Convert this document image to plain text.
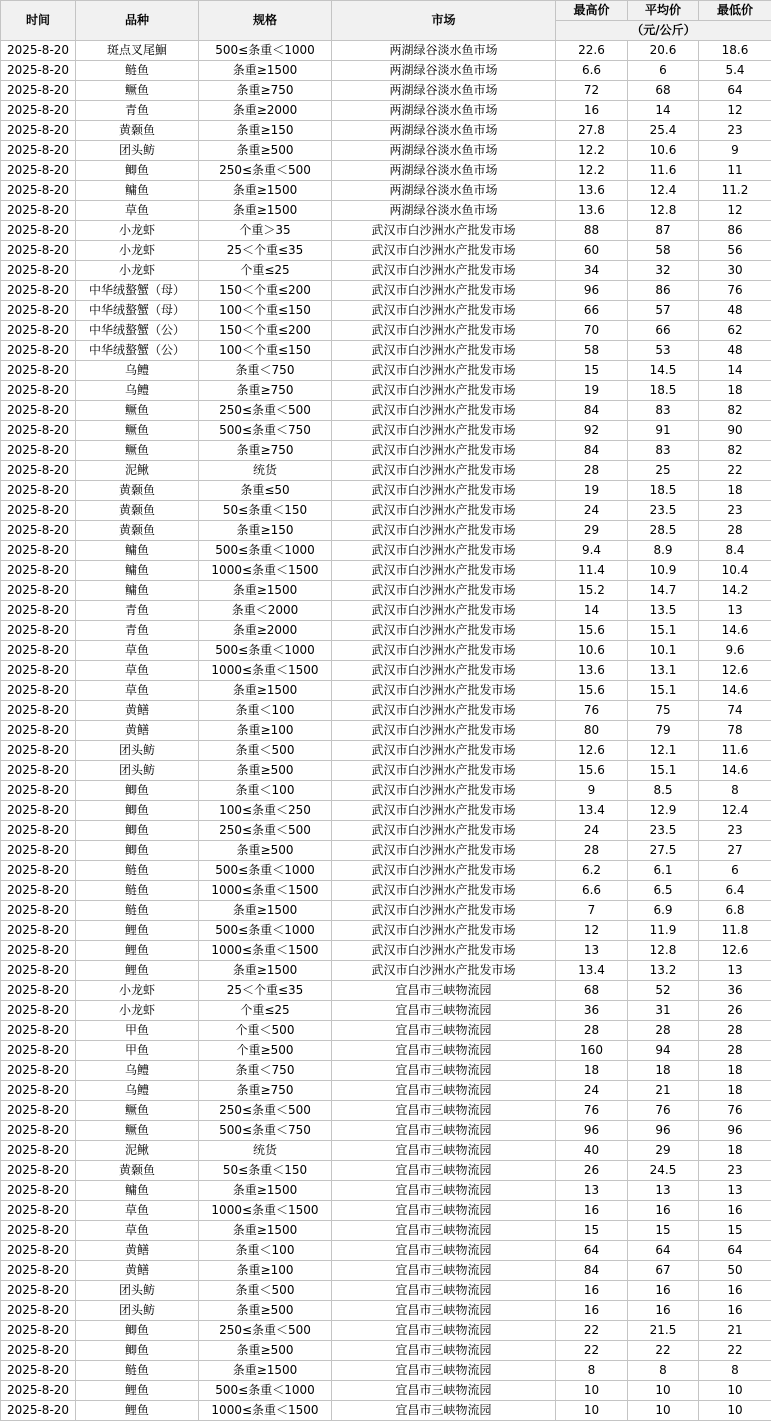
时间	品种	规格	市场	最高价	平均价	最低价
				（元/公斤）		
2025-8-20	斑点叉尾鮰	500≤条重＜1000	两湖绿谷淡水鱼市场	22.6	20.6	18.6
2025-8-20	鲢鱼	条重≥1500	两湖绿谷淡水鱼市场	6.6	6	5.4
2025-8-20	鳜鱼	条重≥750	两湖绿谷淡水鱼市场	72	68	64
2025-8-20	青鱼	条重≥2000	两湖绿谷淡水鱼市场	16	14	12
2025-8-20	黄颡鱼	条重≥150	两湖绿谷淡水鱼市场	27.8	25.4	23
2025-8-20	团头鲂	条重≥500	两湖绿谷淡水鱼市场	12.2	10.6	9
2025-8-20	鲫鱼	250≤条重＜500	两湖绿谷淡水鱼市场	12.2	11.6	11
2025-8-20	鳙鱼	条重≥1500	两湖绿谷淡水鱼市场	13.6	12.4	11.2
2025-8-20	草鱼	条重≥1500	两湖绿谷淡水鱼市场	13.6	12.8	12
2025-8-20	小龙虾	个重＞35	武汉市白沙洲水产批发市场	88	87	86
2025-8-20	小龙虾	25＜个重≤35	武汉市白沙洲水产批发市场	60	58	56
2025-8-20	小龙虾	个重≤25	武汉市白沙洲水产批发市场	34	32	30
2025-8-20	中华绒螯蟹（母）	150＜个重≤200	武汉市白沙洲水产批发市场	96	86	76
2025-8-20	中华绒螯蟹（母）	100＜个重≤150	武汉市白沙洲水产批发市场	66	57	48
2025-8-20	中华绒螯蟹（公）	150＜个重≤200	武汉市白沙洲水产批发市场	70	66	62
2025-8-20	中华绒螯蟹（公）	100＜个重≤150	武汉市白沙洲水产批发市场	58	53	48
2025-8-20	乌鳢	条重＜750	武汉市白沙洲水产批发市场	15	14.5	14
2025-8-20	乌鳢	条重≥750	武汉市白沙洲水产批发市场	19	18.5	18
2025-8-20	鳜鱼	250≤条重＜500	武汉市白沙洲水产批发市场	84	83	82
2025-8-20	鳜鱼	500≤条重＜750	武汉市白沙洲水产批发市场	92	91	90
2025-8-20	鳜鱼	条重≥750	武汉市白沙洲水产批发市场	84	83	82
2025-8-20	泥鳅	统货	武汉市白沙洲水产批发市场	28	25	22
2025-8-20	黄颡鱼	条重≤50	武汉市白沙洲水产批发市场	19	18.5	18
2025-8-20	黄颡鱼	50≤条重＜150	武汉市白沙洲水产批发市场	24	23.5	23
2025-8-20	黄颡鱼	条重≥150	武汉市白沙洲水产批发市场	29	28.5	28
2025-8-20	鳙鱼	500≤条重＜1000	武汉市白沙洲水产批发市场	9.4	8.9	8.4
2025-8-20	鳙鱼	1000≤条重＜1500	武汉市白沙洲水产批发市场	11.4	10.9	10.4
2025-8-20	鳙鱼	条重≥1500	武汉市白沙洲水产批发市场	15.2	14.7	14.2
2025-8-20	青鱼	条重＜2000	武汉市白沙洲水产批发市场	14	13.5	13
2025-8-20	青鱼	条重≥2000	武汉市白沙洲水产批发市场	15.6	15.1	14.6
2025-8-20	草鱼	500≤条重＜1000	武汉市白沙洲水产批发市场	10.6	10.1	9.6
2025-8-20	草鱼	1000≤条重＜1500	武汉市白沙洲水产批发市场	13.6	13.1	12.6
2025-8-20	草鱼	条重≥1500	武汉市白沙洲水产批发市场	15.6	15.1	14.6
2025-8-20	黄鳝	条重＜100	武汉市白沙洲水产批发市场	76	75	74
2025-8-20	黄鳝	条重≥100	武汉市白沙洲水产批发市场	80	79	78
2025-8-20	团头鲂	条重＜500	武汉市白沙洲水产批发市场	12.6	12.1	11.6
2025-8-20	团头鲂	条重≥500	武汉市白沙洲水产批发市场	15.6	15.1	14.6
2025-8-20	鲫鱼	条重＜100	武汉市白沙洲水产批发市场	9	8.5	8
2025-8-20	鲫鱼	100≤条重＜250	武汉市白沙洲水产批发市场	13.4	12.9	12.4
2025-8-20	鲫鱼	250≤条重＜500	武汉市白沙洲水产批发市场	24	23.5	23
2025-8-20	鲫鱼	条重≥500	武汉市白沙洲水产批发市场	28	27.5	27
2025-8-20	鲢鱼	500≤条重＜1000	武汉市白沙洲水产批发市场	6.2	6.1	6
2025-8-20	鲢鱼	1000≤条重＜1500	武汉市白沙洲水产批发市场	6.6	6.5	6.4
2025-8-20	鲢鱼	条重≥1500	武汉市白沙洲水产批发市场	7	6.9	6.8
2025-8-20	鲤鱼	500≤条重＜1000	武汉市白沙洲水产批发市场	12	11.9	11.8
2025-8-20	鲤鱼	1000≤条重＜1500	武汉市白沙洲水产批发市场	13	12.8	12.6
2025-8-20	鲤鱼	条重≥1500	武汉市白沙洲水产批发市场	13.4	13.2	13
2025-8-20	小龙虾	25＜个重≤35	宜昌市三峡物流园	68	52	36
2025-8-20	小龙虾	个重≤25	宜昌市三峡物流园	36	31	26
2025-8-20	甲鱼	个重＜500	宜昌市三峡物流园	28	28	28
2025-8-20	甲鱼	个重≥500	宜昌市三峡物流园	160	94	28
2025-8-20	乌鳢	条重＜750	宜昌市三峡物流园	18	18	18
2025-8-20	乌鳢	条重≥750	宜昌市三峡物流园	24	21	18
2025-8-20	鳜鱼	250≤条重＜500	宜昌市三峡物流园	76	76	76
2025-8-20	鳜鱼	500≤条重＜750	宜昌市三峡物流园	96	96	96
2025-8-20	泥鳅	统货	宜昌市三峡物流园	40	29	18
2025-8-20	黄颡鱼	50≤条重＜150	宜昌市三峡物流园	26	24.5	23
2025-8-20	鳙鱼	条重≥1500	宜昌市三峡物流园	13	13	13
2025-8-20	草鱼	1000≤条重＜1500	宜昌市三峡物流园	16	16	16
2025-8-20	草鱼	条重≥1500	宜昌市三峡物流园	15	15	15
2025-8-20	黄鳝	条重＜100	宜昌市三峡物流园	64	64	64
2025-8-20	黄鳝	条重≥100	宜昌市三峡物流园	84	67	50
2025-8-20	团头鲂	条重＜500	宜昌市三峡物流园	16	16	16
2025-8-20	团头鲂	条重≥500	宜昌市三峡物流园	16	16	16
2025-8-20	鲫鱼	250≤条重＜500	宜昌市三峡物流园	22	21.5	21
2025-8-20	鲫鱼	条重≥500	宜昌市三峡物流园	22	22	22
2025-8-20	鲢鱼	条重≥1500	宜昌市三峡物流园	8	8	8
2025-8-20	鲤鱼	500≤条重＜1000	宜昌市三峡物流园	10	10	10
2025-8-20	鲤鱼	1000≤条重＜1500	宜昌市三峡物流园	10	10	10
